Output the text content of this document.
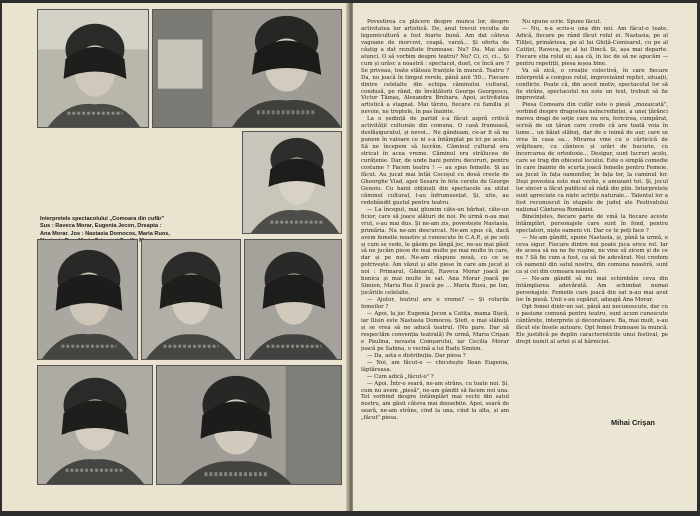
Interpretele spectacolului „Comoara din cufăr"
Sus : Raveca Morar, Eugenia Jecon, Dreapta :
Ana Morar. Jos : Nastasia Domocos, Maria Ruos,

Povestirea cu plăcere despre munca lor, despre activitatea lor artistică. De, anul trecut recolta de legumicultură a fost foarte bună. Am dat câteva vagoane de morcovi, ceapă, varză... Și oferta de câștig a dat rezultate frumoase. Nu? Da. Mai ales atunci. O să vorbim despre teatru? Nu? Ci, ci, ci... Și cum și urăsc a noastră : spectacol, duet, ce încă are ? Se priveau, toate stăteau franțele în muncă. Teatru ? Da, nu joacă în timpul rerele, până anii '50... Fiecare dintre celelalte din echipa căminului cultural, condusă, pe rând, de învățătorii George Georgescu, Victor Tămaș, Alexandru Breharu. Apoi, activitatea artistică a stagnat. Mai târziu, fiecare cu familia și nevoie, ne treptele, în pas înainte.

La o ședință de partid s-a făcut aspră critică activității culturale din comuna. O casă frumoasă, desfășiguratul, și nevoi... Ne gândeam, ce-ar fi să ne punem în valoare ce ni s-a întâmplat pe ici pe acolo. Să ne începem să lucrăm. Căminul cultural era stricat în acea vreme. Căminul era strălucea de curățenie. Dar, de unde bani pentru decoruri, pentru costume ? Facem teatru ! — au spus femeile. Și au făcut. Au jucat mai întâi Cocoșul cu două creste de Gheorghe Vlad, apoi Sesaru în fete cerute de George Genoiu. Cu banii obținuți din spectacole au utilat căminul cultural, l-au înfrumusețat. Și, uite, au redobândit gustul pentru teatru.

— La început, mai glumim câte-un bărbat, câte-un ficior, care să joace alături de noi. Pe urmă n-au mai vrut, s-au mai dus. Și ne-am zis, povestește Nastasia, primăria. Na ne-am descurcat. Ne-am spus că, dacă avem femeile noastre și cunoscute în C.A.P., și pe soți și cum se vede, le găsim pe lângă joc, ne-au mai găsit să ne jucăm piese de mai multe pe mai multe în care, dar și pe noi. Ne-am răspuns nouă, cu ce se potrivește. Am văzut și alte piese în care am jucat și noi : Primarul, Gămarul, Raveca Morar joacă pe bunica și mai multe în sat. Ana Morar joacă pe Simion, Maria Rus îl joacă pe ... Maria Rusu, pe Ion, jucăriile celelalte.

— Ajutor, teatrul are o vreme? — Și rolurile femeilor ?

— Apoi, la joc Eugenia Jecon a Catița, mama Ilișcă, iar Ilisin este Nastasia Domocoș. Ștefi, e mai slăbuță și se vrea să ne aducă teatrul. (Nu pare. Dar să respectăm convenția teatrală) Pe urmă, Maria Crișan e Paulina, nevasta Comșarului, iar Cecilia Morar joacă pe Sabina, o vecină a lui Radu Simion.

— Da, asta e distribuția. Dar piesa ?

— Noi, am făcut-o — chicotește Ilean Eugenia, lăptăreasa.

— Cum adică „făcut-o" ?

— Apoi. Într-o seară, ne-am strâns, cu toate noi. Și, cum nu avem „piesă", ne-am gândit să facem noi una. Tot vorbind despre întâmplări mai vechi din satul nostru, am găsit câteva mai deosebite. Apoi, seară de seară, ne-am strâns, cind la una, cind la alta, și am „făcut" piesa.

Nu spune scrie. Spune făcut.

— Nu, n-a scris-o una din noi. Am făcut-o toate. Adică, fiecare pe rând făcut rolul ei. Nastasia, pe al Tiliței, primăriesa, pe al lui Ghiță-Comisarul, cu pe al Catiței, Raveca, pe al lui Dincă. Și, așa mai departe. Fiecare știa rolul ei; așa că, în loc de să ne apucăm — pentru repetiții, piesa ieșea bine.

Va să zică, o creație colectivă, în care fiecare interpretă a compus rolul, improvizând replici, situații, conflicte. Poate că, din acest motiv, spectacolul lor să fie strâns, spectacolul nu este un text, trebuit să fie improvizat.

Piesa Comoara din cufăr este o piesă „mozaicată", vorbind despre dragostea neîncredinței, a unei țărănci mereu dragi de soție care nu era, fericirea, cumpărat, scrisă de un țăran care crede că are toată voia în lume... un băiat slăbuț, dar de o inimă de aur, care se vrea în casa sa... Mirarea vine cu o cărticică de vrăjitoare, cu cântece și urări de bucurie, cu încercarea de ortodoxie... Desigur, sunt lucruri acolo, care se trag din obiceiul locului. Este o simplă comedie în care înainte de scurta joacă femeile pentru Femeie, au jucat în fața oamenilor, în fața lor, la caminul lor. Deși povestea este mai veche, e amuzant tot. Și, jocul lor sincer a făcut publicul să râdă din plin. Interpretele sunt apreciate ca niște actrițe naturale... Talentul lor a fost recunoscut în etapele de județ ale Festivalului național Cântarea României.

Bineînțeles, fiecare parte de vină la fiecare aceste întâmplări, personajele care sunt în fond, pentru spectatori, niște oameni vii. Dar ce te poți face ?

— Ne-am gândit, spune Nastasia, și, până la urmă, e ceva sigur. Fiecare dintre noi poate juca orice rol. Iar de aceea să nu ne fie rușine, ne vine să zicem și de ce nu ? Să fie cum a fost, ca să fie adevărat. Noi credem că oamenii din satul nostru, din comuna noastră, sunt ca și cei din comoara noastră.

— Ne-am gândit să nu mai schimbăm ceva din întâmplarea adevărată. Am schimbat numai personajele. Femeile care joacă din sat n-au mai avut loc în piesă. Unii s-au supărat, adaugă Ana Morar.

Opt femei dintr-un sat, până azi necunoscute, dar cu o pasiune comună pentru teatru, sunt acum cunoscute cântărețe, interprete și decoratoare. Ba, mai mult, s-au făcut ele însele autoare. Opt femei frumoase la muncă. Ele justifică pe deplin caracteristicile unui festival, pe drept numit al artei și al hărniciei.

Mihai Crișan
